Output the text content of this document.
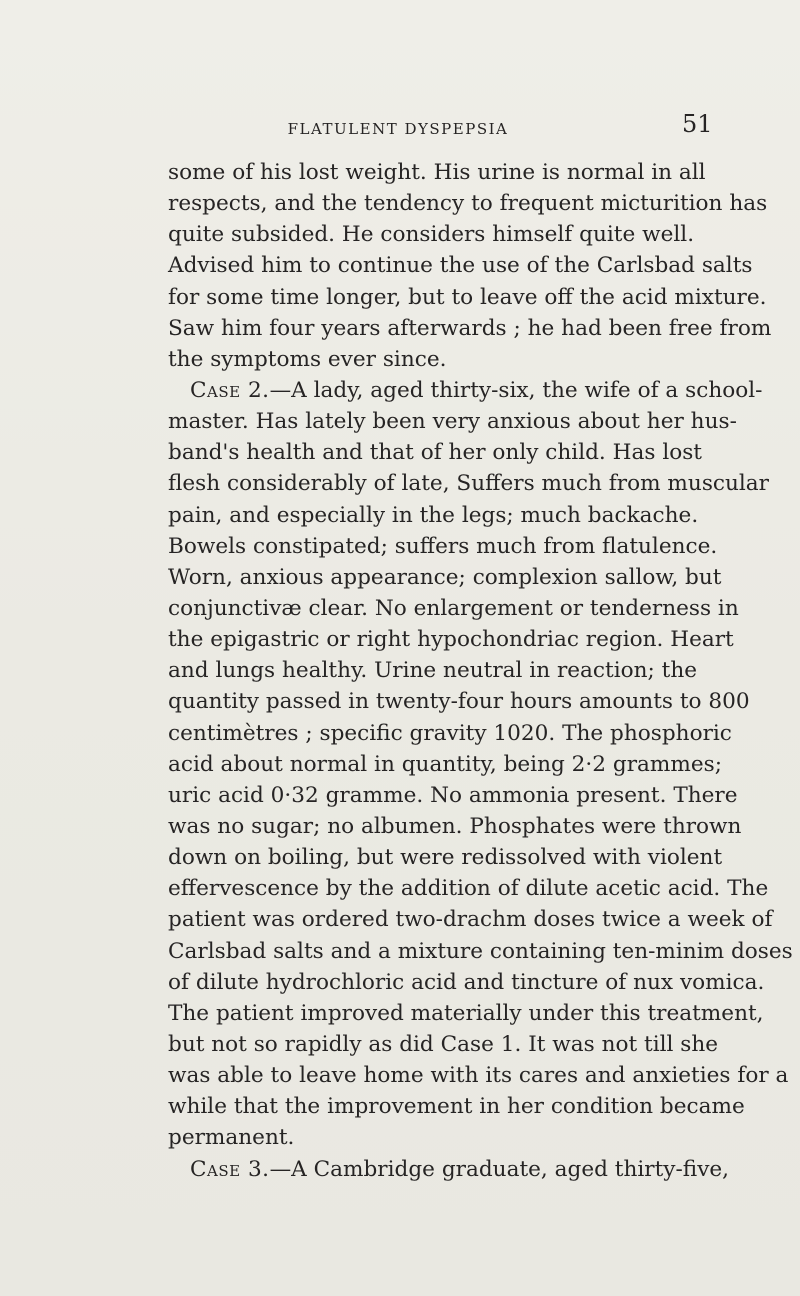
FLATULENT DYSPEPSIA	51
some of his lost weight. His urine is normal in all
respects, and the tendency to frequent micturition has
quite subsided. He considers himself quite well.
Advised him to continue the use of the Carlsbad salts
for some time longer, but to leave off the acid mixture.
Saw him four years afterwards ; he had been free from
the symptoms ever since.
Case 2.—A lady, aged thirty-six, the wife of a school-
master. Has lately been very anxious about her hus-
band's health and that of her only child. Has lost
flesh considerably of late, Suffers much from muscular
pain, and especially in the legs; much backache.
Bowels constipated; suffers much from flatulence.
Worn, anxious appearance; complexion sallow, but
conjunctivæ clear. No enlargement or tenderness in
the epigastric or right hypochondriac region. Heart
and lungs healthy. Urine neutral in reaction; the
quantity passed in twenty-four hours amounts to 800
centimètres ; specific gravity 1020. The phosphoric
acid about normal in quantity, being 2·2 grammes;
uric acid 0·32 gramme. No ammonia present. There
was no sugar; no albumen. Phosphates were thrown
down on boiling, but were redissolved with violent
effervescence by the addition of dilute acetic acid. The
patient was ordered two-drachm doses twice a week of
Carlsbad salts and a mixture containing ten-minim doses
of dilute hydrochloric acid and tincture of nux vomica.
The patient improved materially under this treatment,
but not so rapidly as did Case 1. It was not till she
was able to leave home with its cares and anxieties for a
while that the improvement in her condition became
permanent.
Case 3.—A Cambridge graduate, aged thirty-five,
